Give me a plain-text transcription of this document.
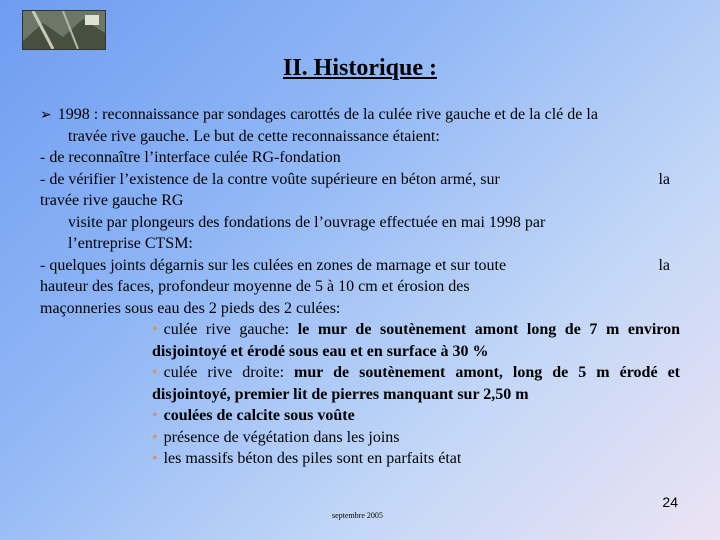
II. Historique :
➢ 1998 : reconnaissance par sondages carottés de la culée rive gauche et de la clé de la
travée rive gauche. Le but de cette reconnaissance étaient:
- de reconnaître l’interface culée RG-fondation
- de vérifier l’existence de la contre voûte supérieure en béton armé, sur	la
travée rive gauche RG
visite par plongeurs des fondations de l’ouvrage effectuée en mai 1998 par
l’entreprise CTSM:
- quelques joints dégarnis sur les culées en zones de marnage et sur toute	la
hauteur des faces, profondeur moyenne de 5 à 10 cm et érosion des
maçonneries sous eau des 2 pieds des 2 culées:
• culée rive gauche: le mur de soutènement amont long de 7 m environ disjointoyé et érodé sous eau et en surface à 30 %
• culée rive droite: mur de soutènement amont, long de 5 m érodé et disjointoyé, premier lit de pierres manquant sur 2,50 m
• coulées de calcite sous voûte
• présence de végétation dans les joins
• les massifs béton des piles sont en parfaits état
24
septembre 2005
